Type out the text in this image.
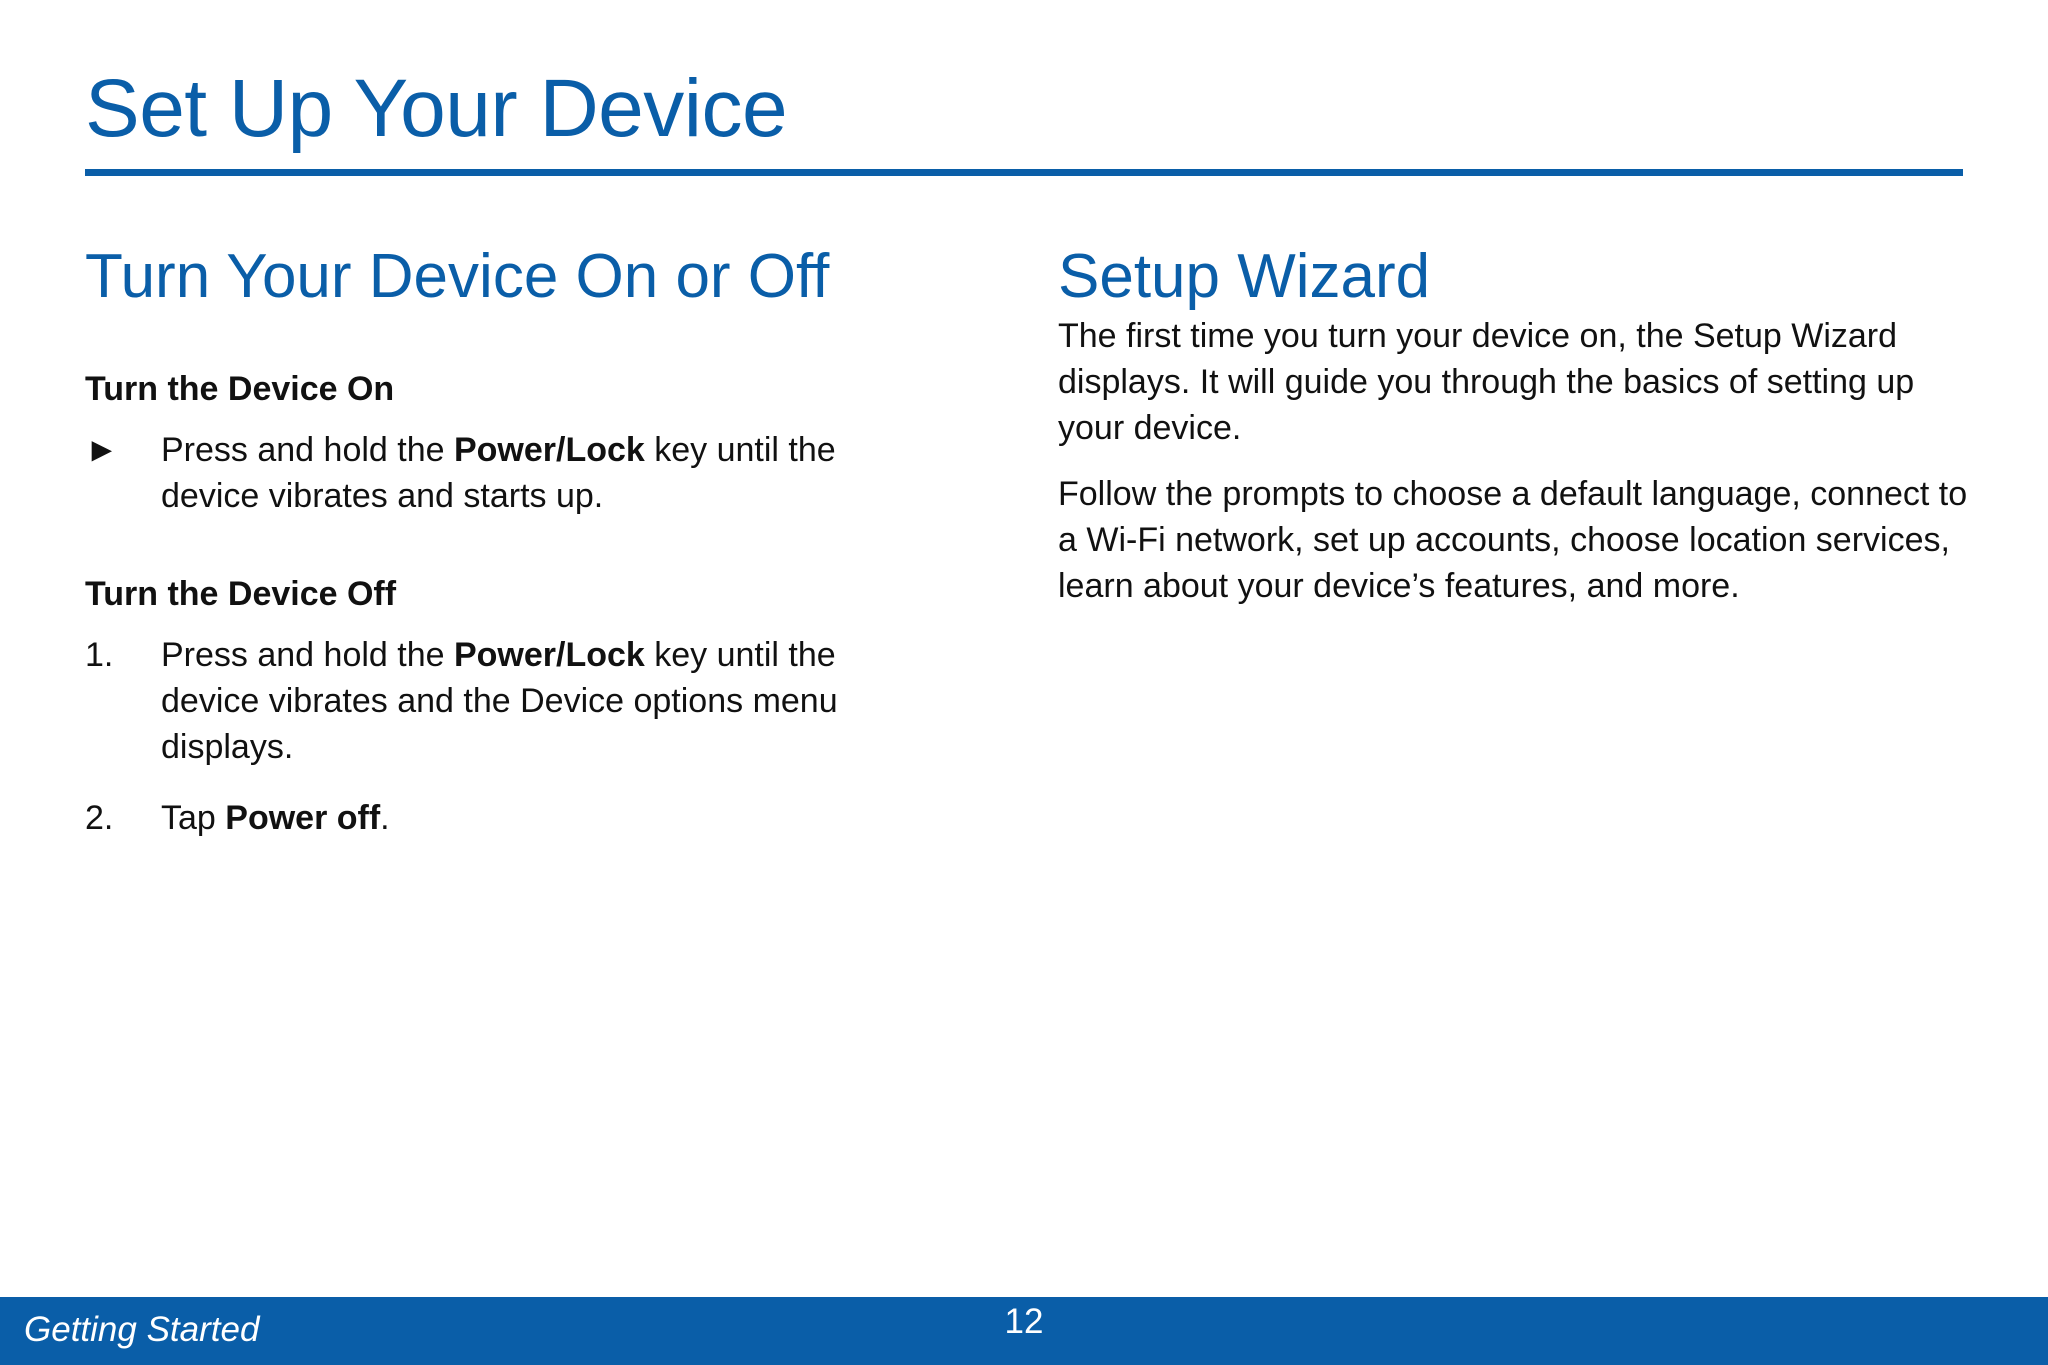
Set Up Your Device
Turn Your Device On or Off
Turn the Device On
► Press and hold the Power/Lock key until the device vibrates and starts up.
Turn the Device Off
1. Press and hold the Power/Lock key until the device vibrates and the Device options menu displays.
2. Tap Power off.
Setup Wizard

The first time you turn your device on, the Setup Wizard displays. It will guide you through the basics of setting up your device.

Follow the prompts to choose a default language, connect to a Wi-Fi network, set up accounts, choose location services, learn about your device’s features, and more.

Getting Started	12
